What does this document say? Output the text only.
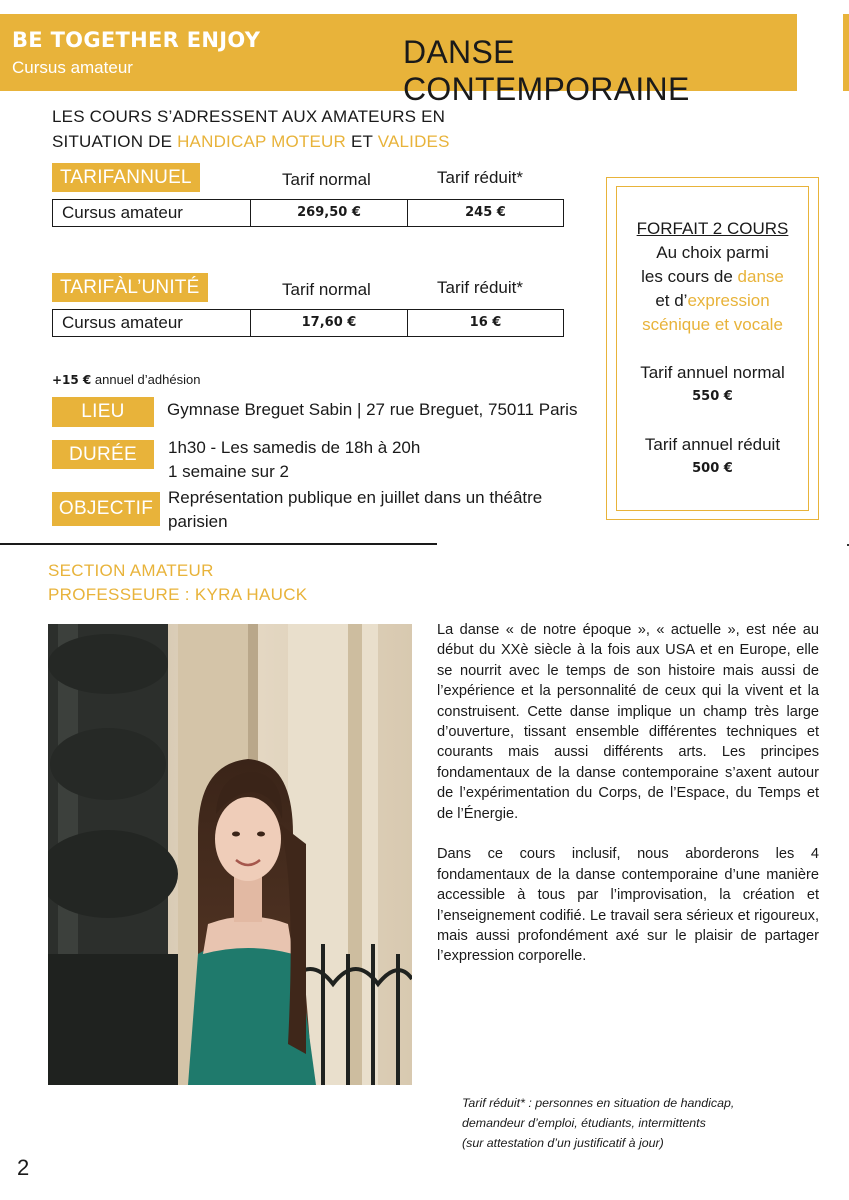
BE TOGETHER ENJOY
Cursus amateur	DANSE CONTEMPORAINE
LES COURS S’ADRESSENT AUX AMATEURS EN
SITUATION DE HANDICAP MOTEUR ET VALIDES
TARIFANNUEL	Tarif normal	Tarif réduit*
Cursus amateur	269,50 €	245 €
TARIFÀL’UNITÉ	Tarif normal	Tarif réduit*
Cursus amateur	17,60 €	16 €
+15 € annuel d’adhésion
LIEU	Gymnase Breguet Sabin | 27 rue Breguet, 75011 Paris
DURÉE	1h30 - Les samedis de 18h à 20h
1 semaine sur 2
OBJECTIF
Représentation publique en juillet dans un théâtre
parisien
FORFAIT 2 COURS
Au choix parmi
les cours de danse
et d’expression
scénique et vocale
Tarif annuel normal
550 €
Tarif annuel réduit
500 €
SECTION AMATEUR
PROFESSEURE : KYRA HAUCK

La danse « de notre époque », « actuelle », est née au début du XXè siècle à la fois aux USA et en Europe, elle se nourrit avec le temps de son histoire mais aussi de l’expérience et la personnalité de ceux qui la vivent et la construisent. Cette danse implique un champ très large d’ouverture, tissant ensemble différentes techniques et courants mais aussi différents arts. Les principes fondamentaux de la danse contemporaine s’axent autour de l’expérimentation du Corps, de l’Espace, du Temps et de l’Énergie.

Dans ce cours inclusif, nous aborderons les 4 fondamentaux de la danse contemporaine d’une manière accessible à tous par l’improvisation, la création et l’enseignement codifié. Le travail sera sérieux et rigoureux, mais aussi profondément axé sur le plaisir de partager l’expression corporelle.

Tarif réduit* : personnes en situation de handicap,
demandeur d’emploi, étudiants, intermittents
(sur attestation d’un justificatif à jour)
2
